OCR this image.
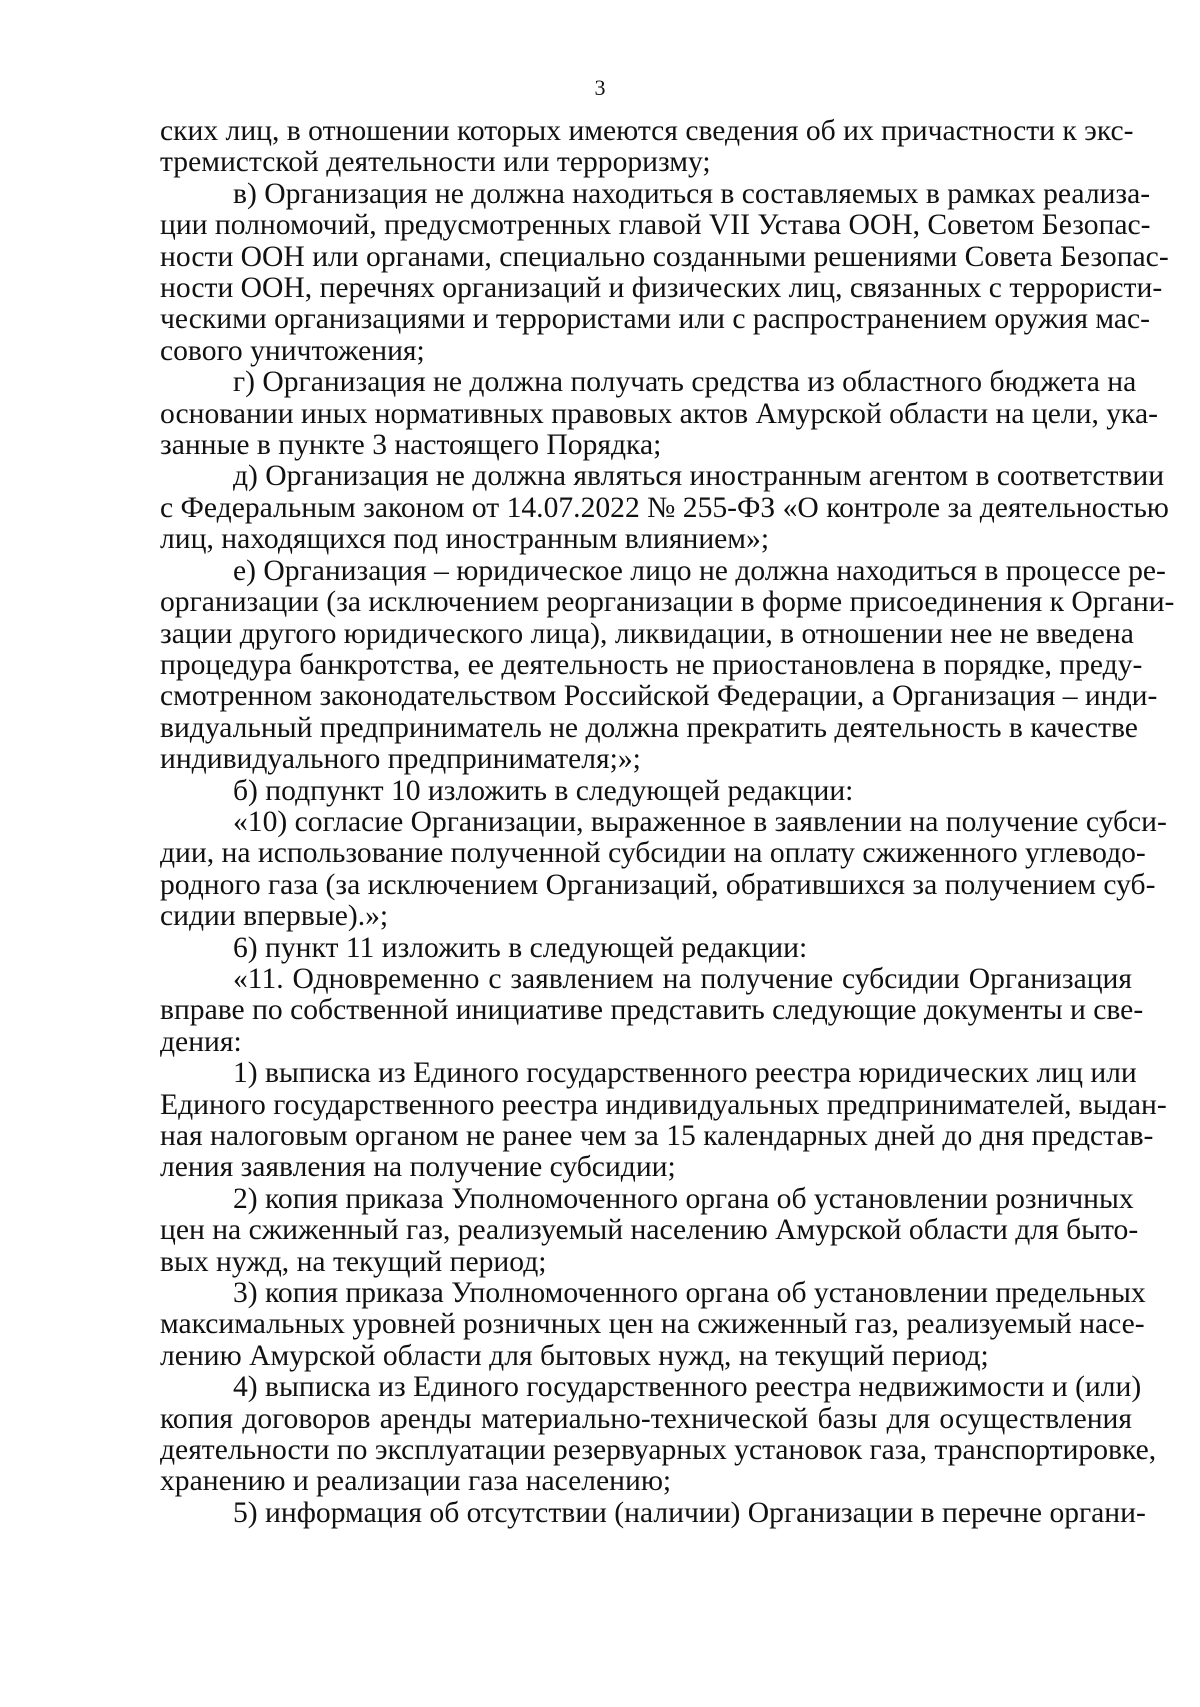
3
ских лиц, в отношении которых имеются сведения об их причастности к экс-
тремистской деятельности или терроризму;
в) Организация не должна находиться в составляемых в рамках реализа-
ции полномочий, предусмотренных главой VII Устава ООН, Советом Безопас-
ности ООН или органами, специально созданными решениями Совета Безопас-
ности ООН, перечнях организаций и физических лиц, связанных с террористи-
ческими организациями и террористами или с распространением оружия мас-
сового уничтожения;
г) Организация не должна получать средства из областного бюджета на
основании иных нормативных правовых актов Амурской области на цели, ука-
занные в пункте 3 настоящего Порядка;
д) Организация не должна являться иностранным агентом в соответствии
с Федеральным законом от 14.07.2022 № 255-ФЗ «О контроле за деятельностью
лиц, находящихся под иностранным влиянием»;
е) Организация – юридическое лицо не должна находиться в процессе ре-
организации (за исключением реорганизации в форме присоединения к Органи-
зации другого юридического лица), ликвидации, в отношении нее не введена
процедура банкротства, ее деятельность не приостановлена в порядке, преду-
смотренном законодательством Российской Федерации, а Организация – инди-
видуальный предприниматель не должна прекратить деятельность в качестве
индивидуального предпринимателя;»;
б) подпункт 10 изложить в следующей редакции:
«10) согласие Организации, выраженное в заявлении на получение субси-
дии, на использование полученной субсидии на оплату сжиженного углеводо-
родного газа (за исключением Организаций, обратившихся за получением суб-
сидии впервые).»;
6) пункт 11 изложить в следующей редакции:
«11. Одновременно с заявлением на получение субсидии Организация
вправе по собственной инициативе представить следующие документы и све-
дения:
1) выписка из Единого государственного реестра юридических лиц или
Единого государственного реестра индивидуальных предпринимателей, выдан-
ная налоговым органом не ранее чем за 15 календарных дней до дня представ-
ления заявления на получение субсидии;
2) копия приказа Уполномоченного органа об установлении розничных
цен на сжиженный газ, реализуемый населению Амурской области для быто-
вых нужд, на текущий период;
3) копия приказа Уполномоченного органа об установлении предельных
максимальных уровней розничных цен на сжиженный газ, реализуемый насе-
лению Амурской области для бытовых нужд, на текущий период;
4) выписка из Единого государственного реестра недвижимости и (или)
копия договоров аренды материально-технической базы для осуществления
деятельности по эксплуатации резервуарных установок газа, транспортировке,
хранению и реализации газа населению;
5) информация об отсутствии (наличии) Организации в перечне органи-
